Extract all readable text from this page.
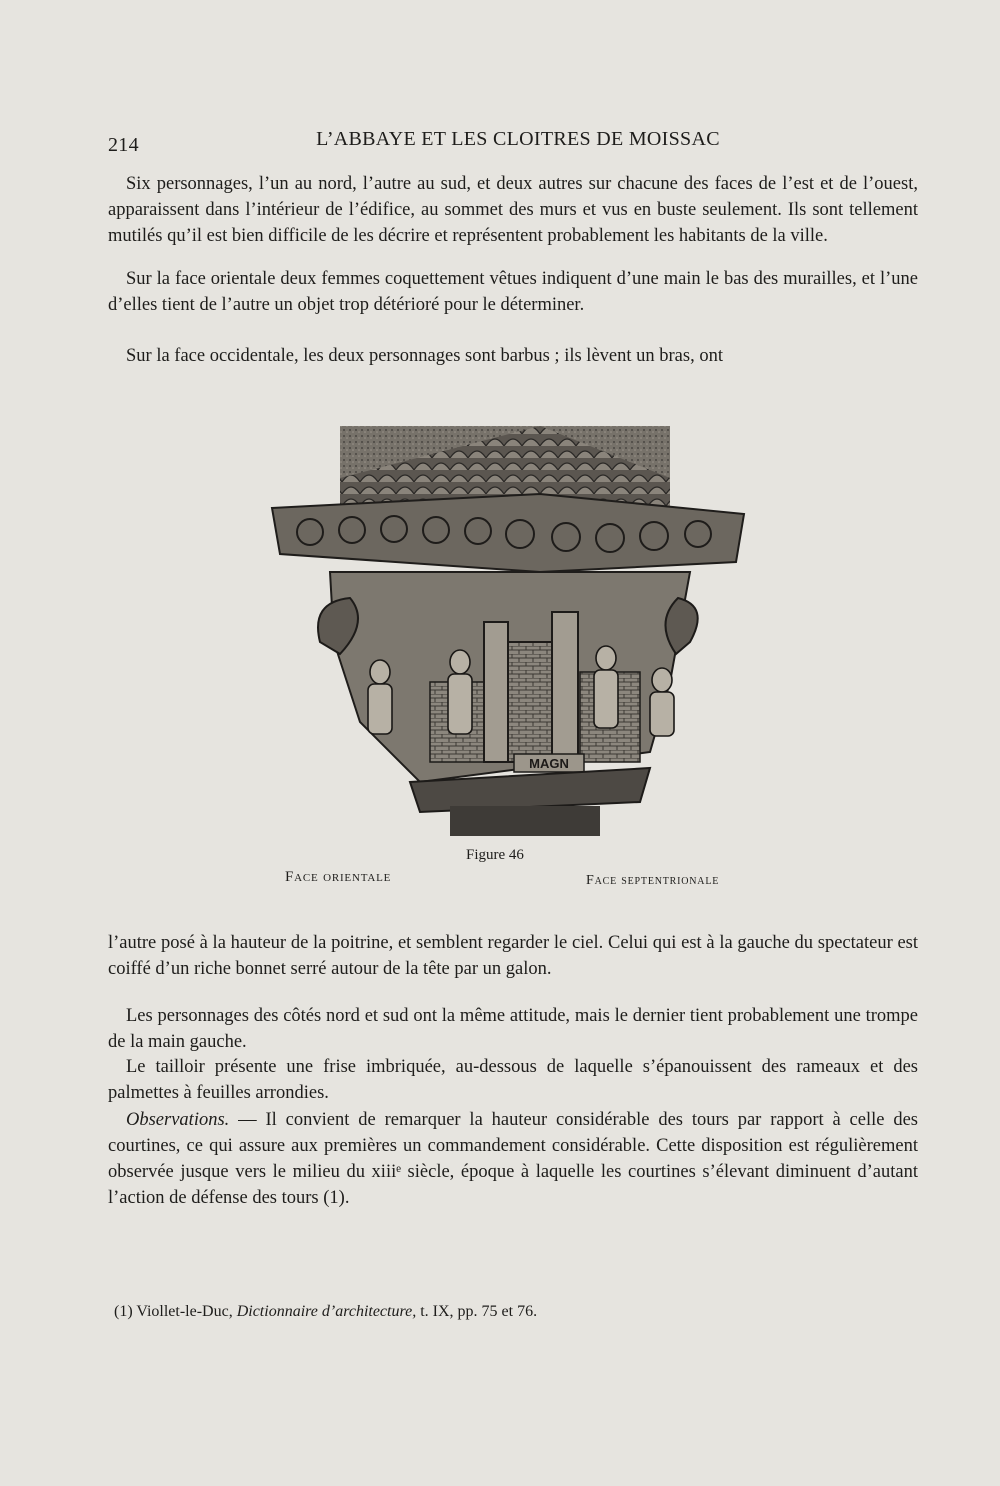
214	L’ABBAYE ET LES CLOITRES DE MOISSAC

Six personnages, l’un au nord, l’autre au sud, et deux autres sur chacune des faces de l’est et de l’ouest, apparaissent dans l’intérieur de l’édifice, au sommet des murs et vus en buste seulement. Ils sont tellement mutilés qu’il est bien difficile de les décrire et représentent probablement les habitants de la ville.

Sur la face orientale deux femmes coquettement vêtues indiquent d’une main le bas des murailles, et l’une d’elles tient de l’autre un objet trop détérioré pour le déterminer.

Sur la face occidentale, les deux personnages sont barbus ; ils lèvent un bras, ont

MAGN
Figure 46
Face orientale	Face septentrionale

l’autre posé à la hauteur de la poitrine, et semblent regarder le ciel. Celui qui est à la gauche du spectateur est coiffé d’un riche bonnet serré autour de la tête par un galon.

Les personnages des côtés nord et sud ont la même attitude, mais le dernier tient probablement une trompe de la main gauche.

Le tailloir présente une frise imbriquée, au-dessous de laquelle s’épanouissent des rameaux et des palmettes à feuilles arrondies.

Observations. — Il convient de remarquer la hauteur considérable des tours par rapport à celle des courtines, ce qui assure aux premières un commandement considérable. Cette disposition est régulièrement observée jusque vers le milieu du xiiiᵉ siècle, époque à laquelle les courtines s’élevant diminuent d’autant l’action de défense des tours (1).

(1) Viollet-le-Duc, Dictionnaire d’architecture, t. IX, pp. 75 et 76.
